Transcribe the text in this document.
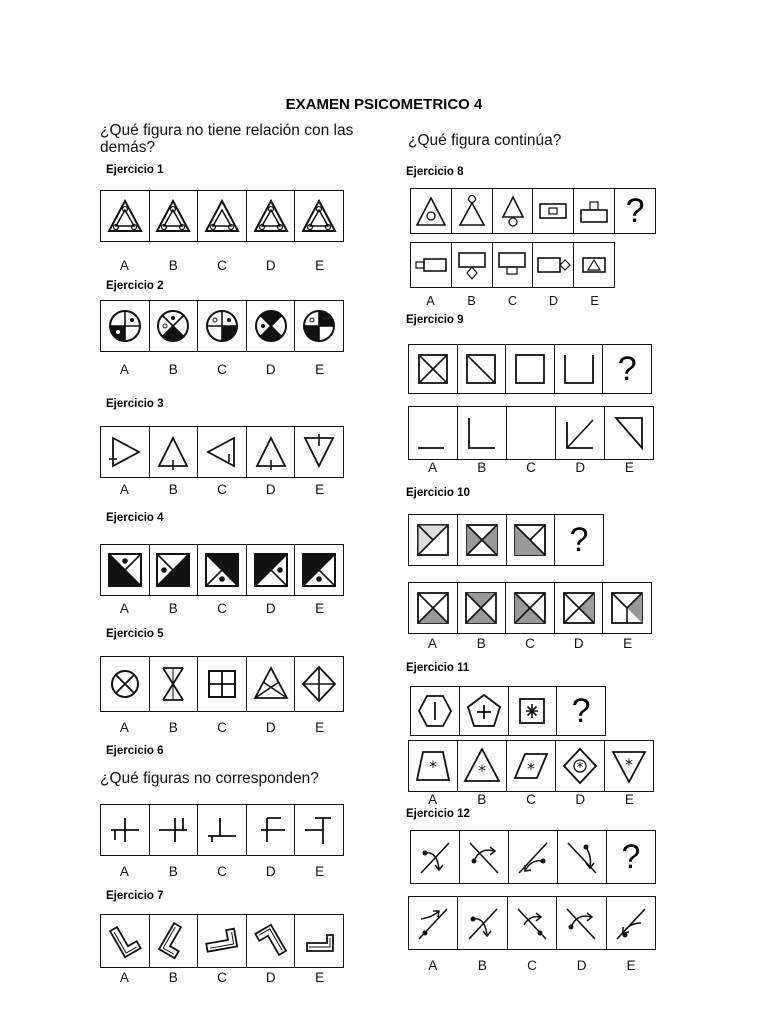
EXAMEN PSICOMETRICO 4
¿Qué figura no tiene relación con las demás?
Ejercicio 1
A	B	C	D	E
Ejercicio 2
A	B	C	D	E
Ejercicio 3
A	B	C	D	E
Ejercicio 4
A	B	C	D	E
Ejercicio 5
A	B	C	D	E
Ejercicio 6
¿Qué figuras no corresponden?
A	B	C	D	E
Ejercicio 7
A	B	C	D	E
¿Qué figura continúa?
Ejercicio 8
?
A	B	C	D	E
Ejercicio 9
?
A	B	C	D	E
Ejercicio 10
?
A	B	C	D	E
Ejercicio 11
?
*	*	*	*	*
A	B	C	D	E
Ejercicio 12
?
A	B	C	D	E
